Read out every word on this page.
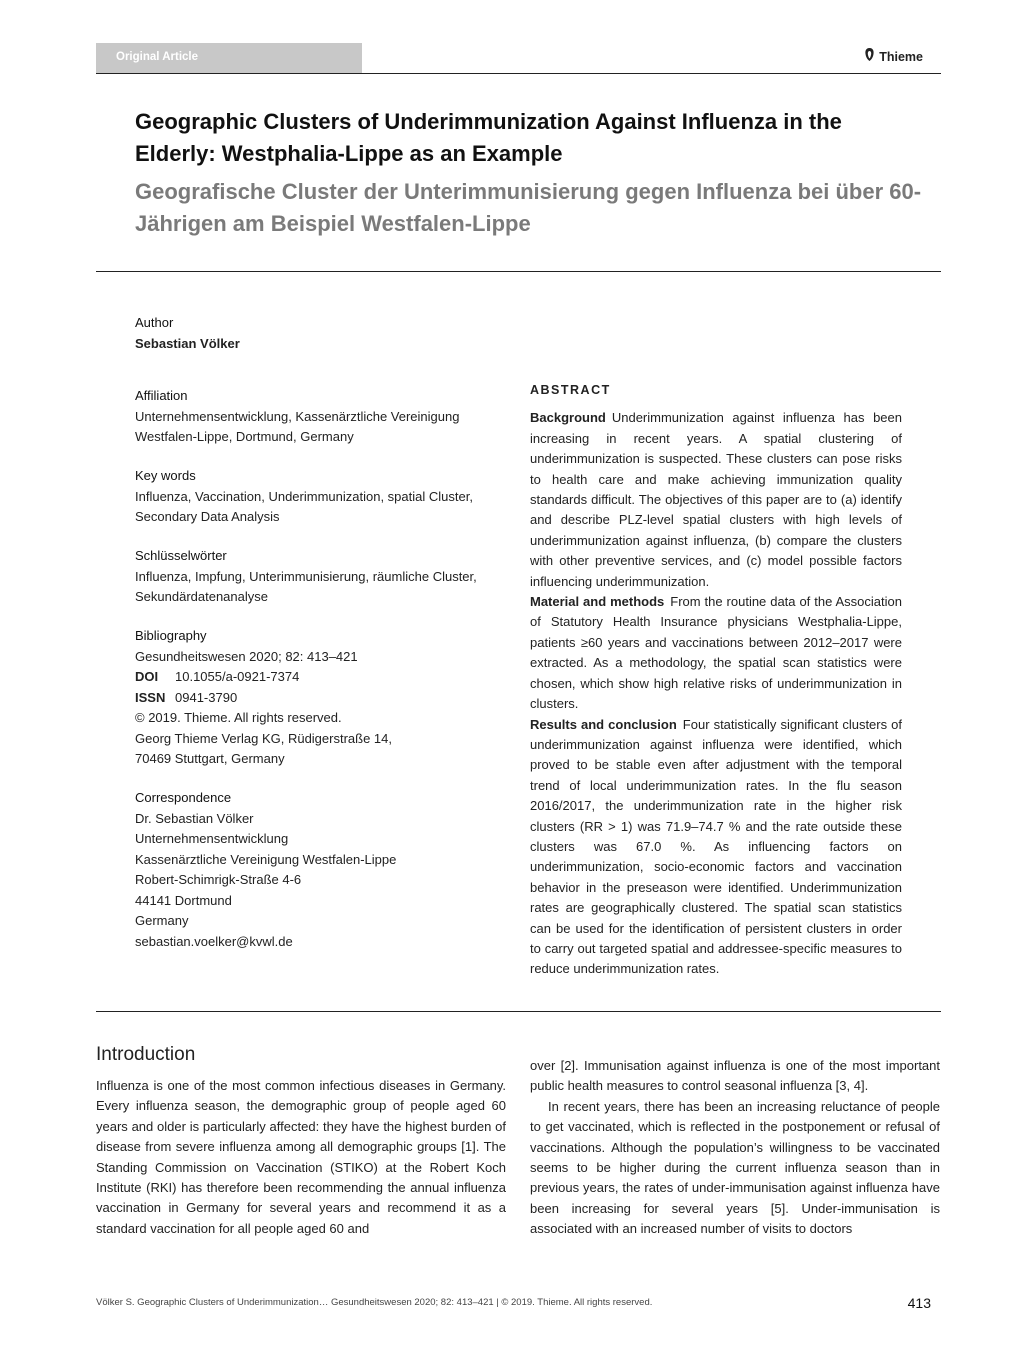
Original Article	Thieme
Geographic Clusters of Underimmunization Against Influenza in the Elderly: Westphalia-Lippe as an Example
Geografische Cluster der Unterimmunisierung gegen Influenza bei über 60-Jährigen am Beispiel Westfalen-Lippe
Author
Sebastian Völker
Affiliation
Unternehmensentwicklung, Kassenärztliche Vereinigung Westfalen-Lippe, Dortmund, Germany
Key words
Influenza, Vaccination, Underimmunization, spatial Cluster, Secondary Data Analysis
Schlüsselwörter
Influenza, Impfung, Unterimmunisierung, räumliche Cluster, Sekundärdatenanalyse
Bibliography
Gesundheitswesen 2020; 82: 413–421
DOI 10.1055/a-0921-7374
ISSN 0941-3790
© 2019. Thieme. All rights reserved.
Georg Thieme Verlag KG, Rüdigerstraße 14,
70469 Stuttgart, Germany
Correspondence
Dr. Sebastian Völker
Unternehmensentwicklung
Kassenärztliche Vereinigung Westfalen-Lippe
Robert-Schimrigk-Straße 4-6
44141 Dortmund
Germany
sebastian.voelker@kvwl.de
ABSTRACT

Background Underimmunization against influenza has been increasing in recent years. A spatial clustering of underimmunization is suspected. These clusters can pose risks to health care and make achieving immunization quality standards difficult. The objectives of this paper are to (a) identify and describe PLZ-level spatial clusters with high levels of underimmunization against influenza, (b) compare the clusters with other preventive services, and (c) model possible factors influencing underimmunization.

Material and methods From the routine data of the Association of Statutory Health Insurance physicians Westphalia-Lippe, patients ≥60 years and vaccinations between 2012–2017 were extracted. As a methodology, the spatial scan statistics were chosen, which show high relative risks of underimmunization in clusters.

Results and conclusion Four statistically significant clusters of underimmunization against influenza were identified, which proved to be stable even after adjustment with the temporal trend of local underimmunization rates. In the flu season 2016/2017, the underimmunization rate in the higher risk clusters (RR > 1) was 71.9–74.7 % and the rate outside these clusters was 67.0 %. As influencing factors on underimmunization, socio-economic factors and vaccination behavior in the preseason were identified. Underimmunization rates are geographically clustered. The spatial scan statistics can be used for the identification of persistent clusters in order to carry out targeted spatial and addressee-specific measures to reduce underimmunization rates.

Introduction

Influenza is one of the most common infectious diseases in Germany. Every influenza season, the demographic group of people aged 60 years and older is particularly affected: they have the highest burden of disease from severe influenza among all demographic groups [1]. The Standing Commission on Vaccination (STIKO) at the Robert Koch Institute (RKI) has therefore been recommending the annual influenza vaccination in Germany for several years and recommend it as a standard vaccination for all people aged 60 and

over [2]. Immunisation against influenza is one of the most important public health measures to control seasonal influenza [3, 4].

In recent years, there has been an increasing reluctance of people to get vaccinated, which is reflected in the postponement or refusal of vaccinations. Although the population’s willingness to be vaccinated seems to be higher during the current influenza season than in previous years, the rates of under-immunisation against influenza have been increasing for several years [5]. Under-immunisation is associated with an increased number of visits to doctors

Völker S. Geographic Clusters of Underimmunization… Gesundheitswesen 2020; 82: 413–421 | © 2019. Thieme. All rights reserved.	413
